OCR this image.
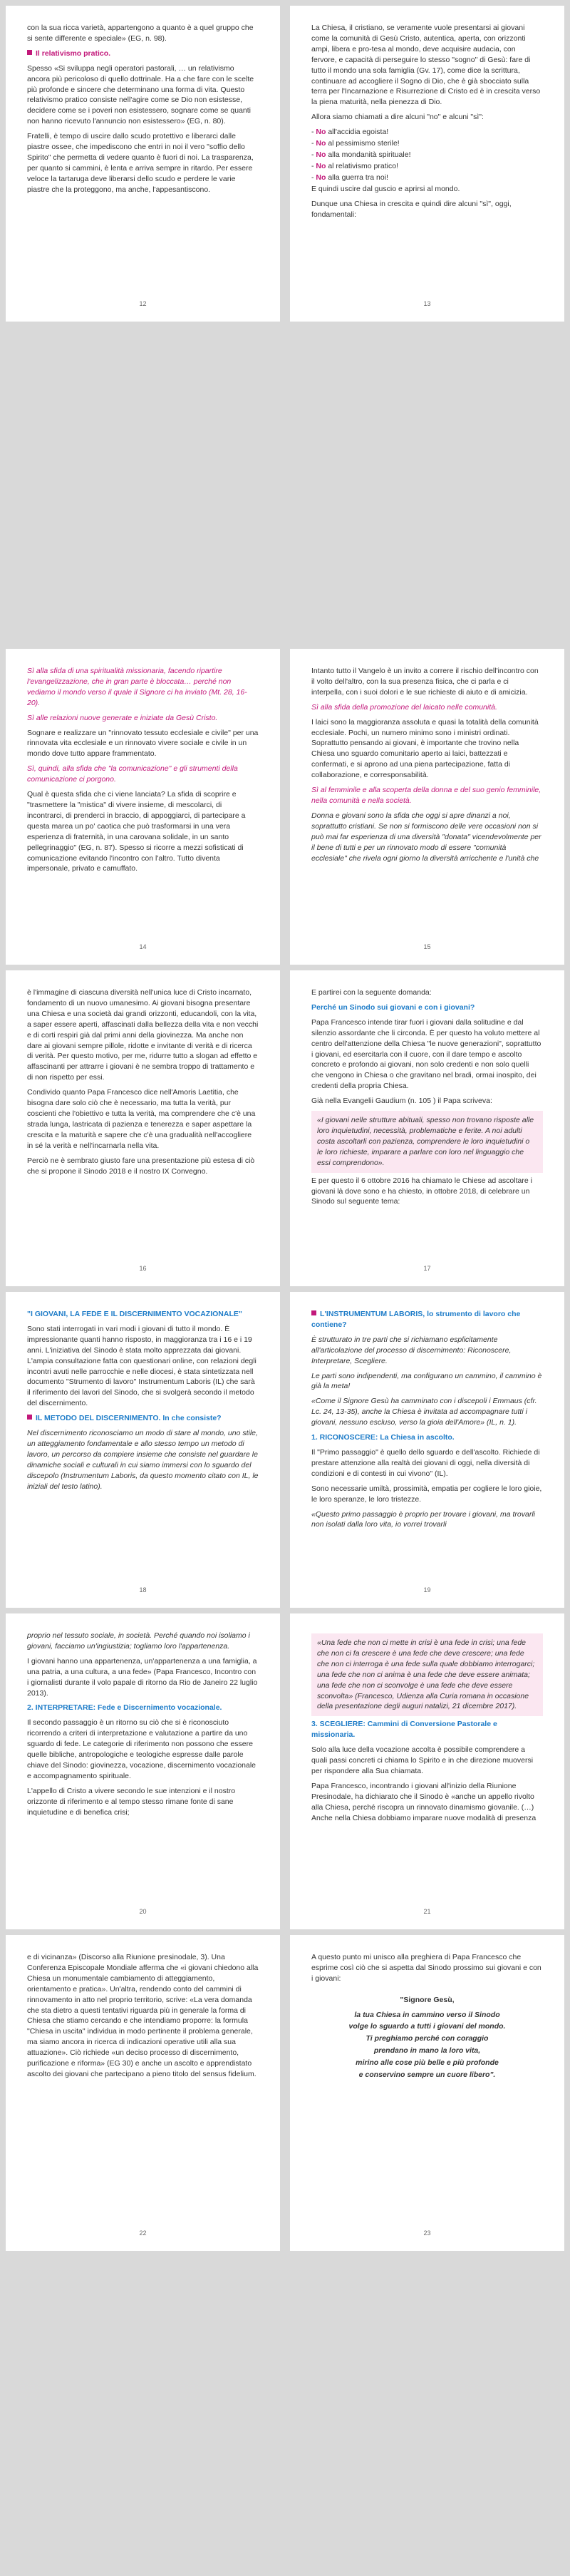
con la sua ricca varietà, appartengono a quanto è a quel gruppo che si sente differente e speciale» (EG, n. 98).

Il relativismo pratico.

Spesso «Si sviluppa negli operatori pastorali, … un relativismo ancora più pericoloso di quello dottrinale. Ha a che fare con le scelte più profonde e sincere che determinano una forma di vita. Questo relativismo pratico consiste nell'agire come se Dio non esistesse, decidere come se i poveri non esistessero, sognare come se quanti non hanno ricevuto l'annuncio non esistessero» (EG, n. 80).

Fratelli, è tempo di uscire dallo scudo protettivo e liberarci dalle piastre ossee, che impediscono che entri in noi il vero "soffio dello Spirito" che permetta di vedere quanto è fuori di noi. La trasparenza, per quanto si cammini, è lenta e arriva sempre in ritardo. Per essere veloce la tartaruga deve liberarsi dello scudo e perdere le varie piastre che la proteggono, ma anche, l'appesantiscono.

12

La Chiesa, il cristiano, se veramente vuole presentarsi ai giovani come la comunità di Gesù Cristo, autentica, aperta, con orizzonti ampi, libera e pro-tesa al mondo, deve acquisire audacia, con fervore, e capacità di perseguire lo stesso "sogno" di Gesù: fare di tutto il mondo una sola famiglia (Gv. 17), come dice la scrittura, continuare ad accogliere il Sogno di Dio, che è già sbocciato sulla terra per l'Incarnazione e Risurrezione di Cristo ed è in crescita verso la piena maturità, nella pienezza di Dio.

Allora siamo chiamati a dire alcuni "no" e alcuni "sì":

- No all'accidia egoista!
- No al pessimismo sterile!
- No alla mondanità spirituale!
- No al relativismo pratico!
- No alla guerra tra noi!

E quindi uscire dal guscio e aprirsi al mondo.

Dunque una Chiesa in crescita e quindi dire alcuni "sì", oggi, fondamentali:

13

Sì alla sfida di una spiritualità missionaria, facendo ripartire l'evangelizzazione, che in gran parte è bloccata… perché non vediamo il mondo verso il quale il Signore ci ha inviato (Mt. 28, 16-20).

Sì alle relazioni nuove generate e iniziate da Gesù Cristo.

Sognare e realizzare un "rinnovato tessuto ecclesiale e civile" per una rinnovata vita ecclesiale e un rinnovato vivere sociale e civile in un mondo dove tutto appare frammentato.

Sì, quindi, alla sfida che "la comunicazione" e gli strumenti della comunicazione ci porgono.

Qual è questa sfida che ci viene lanciata? La sfida di scoprire e "trasmettere la "mistica" di vivere insieme, di mescolarci, di incontrarci, di prenderci in braccio, di appoggiarci, di partecipare a questa marea un po' caotica che può trasformarsi in una vera esperienza di fraternità, in una carovana solidale, in un santo pellegrinaggio" (EG, n. 87). Spesso si ricorre a mezzi sofisticati di comunicazione evitando l'incontro con l'altro. Tutto diventa impersonale, privato e camuffato.

14

Intanto tutto il Vangelo è un invito a correre il rischio dell'incontro con il volto dell'altro, con la sua presenza fisica, che ci parla e ci interpella, con i suoi dolori e le sue richieste di aiuto e di amicizia.

Sì alla sfida della promozione del laicato nelle comunità.

I laici sono la maggioranza assoluta e quasi la totalità della comunità ecclesiale. Pochi, un numero minimo sono i ministri ordinati. Soprattutto pensando ai giovani, è importante che trovino nella Chiesa uno sguardo comunitario aperto ai laici, battezzati e confermati, e si aprono ad una piena partecipazione, fatta di collaborazione, e corresponsabilità.

Sì al femminile e alla scoperta della donna e del suo genio femminile, nella comunità e nella società.

Donna e giovani sono la sfida che oggi si apre dinanzi a noi, soprattutto cristiani. Se non si formiscono delle vere occasioni non si può mai far esperienza di una diversità "donata" vicendevolmente per il bene di tutti e per un rinnovato modo di essere "comunità ecclesiale" che rivela ogni giorno la diversità arricchente e l'unità che

15

è l'immagine di ciascuna diversità nell'unica luce di Cristo incarnato, fondamento di un nuovo umanesimo. Ai giovani bisogna presentare una Chiesa e una società dai grandi orizzonti, educandoli, con la vita, a saper essere aperti, affascinati dalla bellezza della vita e non vecchi e di corti respiri già dal primi anni della giovinezza. Ma anche non dare ai giovani sempre pillole, ridotte e invitante di verità e di ricerca di verità. Per questo motivo, per me, ridurre tutto a slogan ad effetto e affascinanti per attrarre i giovani è ne sembra troppo di trattamento e di non rispetto per essi.

Condivido quanto Papa Francesco dice nell'Amoris Laetitia, che bisogna dare solo ciò che è necessario, ma tutta la verità, pur coscienti che l'obiettivo e tutta la verità, ma comprendere che c'è una strada lunga, lastricata di pazienza e tenerezza e saper aspettare la crescita e la maturità e sapere che c'è una gradualità nell'accogliere in sé la verità e nell'incarnarla nella vita.

Perciò ne è sembrato giusto fare una presentazione più estesa di ciò che si propone il Sinodo 2018 e il nostro IX Convegno.

16

E partirei con la seguente domanda:

Perché un Sinodo sui giovani e con i giovani?

Papa Francesco intende tirar fuori i giovani dalla solitudine e dal silenzio assordante che li circonda. È per questo ha voluto mettere al centro dell'attenzione della Chiesa "le nuove generazioni", soprattutto i giovani, ed esercitarla con il cuore, con il dare tempo e ascolto concreto e profondo ai giovani, non solo credenti e non solo quelli che vengono in Chiesa o che gravitano nel bradi, ormai inospito, dei credenti della propria Chiesa.

Già nella Evangelii Gaudium (n. 105 ) il Papa scriveva:

«I giovani nelle strutture abituali, spesso non trovano risposte alle loro inquietudini, necessità, problematiche e ferite. A noi adulti costa ascoltarli con pazienza, comprendere le loro inquietudini o le loro richieste, imparare a parlare con loro nel linguaggio che essi comprendono».

E per questo il 6 ottobre 2016 ha chiamato le Chiese ad ascoltare i giovani là dove sono e ha chiesto, in ottobre 2018, di celebrare un Sinodo sul seguente tema:

17

"I GIOVANI, LA FEDE E IL DISCERNIMENTO VOCAZIONALE"

Sono stati interrogati in vari modi i giovani di tutto il mondo. È impressionante quanti hanno risposto, in maggioranza tra i 16 e i 19 anni. L'iniziativa del Sinodo è stata molto apprezzata dai giovani. L'ampia consultazione fatta con questionari online, con relazioni degli incontri avuti nelle parrocchie e nelle diocesi, è stata sintetizzata nell documento "Strumento di lavoro" Instrumentum Laboris (IL) che sarà il riferimento dei lavori del Sinodo, che si svolgerà secondo il metodo del discernimento.

IL METODO DEL DISCERNIMENTO. In che consiste?

Nel discernimento riconosciamo un modo di stare al mondo, uno stile, un atteggiamento fondamentale e allo stesso tempo un metodo di lavoro, un percorso da compiere insieme che consiste nel guardare le dinamiche sociali e culturali in cui siamo immersi con lo sguardo del discepolo (Instrumentum Laboris, da questo momento citato con IL, le iniziali del testo latino).

18

L'INSTRUMENTUM LABORIS, lo strumento di lavoro che contiene?

È strutturato in tre parti che si richiamano esplicitamente all'articolazione del processo di discernimento: Riconoscere, Interpretare, Scegliere.

Le parti sono indipendenti, ma configurano un cammino, il cammino è già la meta!

«Come il Signore Gesù ha camminato con i discepoli i Emmaus (cfr. Lc. 24, 13-35), anche la Chiesa è invitata ad accompagnare tutti i giovani, nessuno escluso, verso la gioia dell'Amore» (IL, n. 1).

1. RICONOSCERE: La Chiesa in ascolto.

Il "Primo passaggio" è quello dello sguardo e dell'ascolto. Richiede di prestare attenzione alla realtà dei giovani di oggi, nella diversità di condizioni e di contesti in cui vivono" (IL).

Sono necessarie umiltà, prossimità, empatia per cogliere le loro gioie, le loro speranze, le loro tristezze.

«Questo primo passaggio è proprio per trovare i giovani, ma trovarli non isolati dalla loro vita, io vorrei trovarli

19

proprio nel tessuto sociale, in società. Perché quando noi isoliamo i giovani, facciamo un'ingiustizia; togliamo loro l'appartenenza.

I giovani hanno una appartenenza, un'appartenenza a una famiglia, a una patria, a una cultura, a una fede» (Papa Francesco, Incontro con i giornalisti durante il volo papale di ritorno da Rio de Janeiro 22 luglio 2013).

2. INTERPRETARE: Fede e Discernimento vocazionale.

Il secondo passaggio è un ritorno su ciò che si è riconosciuto ricorrendo a criteri di interpretazione e valutazione a partire da uno sguardo di fede. Le categorie di riferimento non possono che essere quelle bibliche, antropologiche e teologiche espresse dalle parole chiave del Sinodo: giovinezza, vocazione, discernimento vocazionale e accompagnamento spirituale.

L'appello di Cristo a vivere secondo le sue intenzioni e il nostro orizzonte di riferimento e al tempo stesso rimane fonte di sane inquietudine e di benefica crisi;

20
«Una fede che non ci mette in crisi è una fede in crisi; una fede che non ci fa crescere è una fede che deve crescere; una fede che non ci interroga è una fede sulla quale dobbiamo interrogarci; una fede che non ci anima è una fede che deve essere animata; una fede che non ci sconvolge è una fede che deve essere sconvolta» (Francesco, Udienza alla Curia romana in occasione della presentazione degli auguri natalizi, 21 dicembre 2017).

3. SCEGLIERE: Cammini di Conversione Pastorale e missionaria.

Solo alla luce della vocazione accolta è possibile comprendere a quali passi concreti ci chiama lo Spirito e in che direzione muoversi per rispondere alla Sua chiamata.

Papa Francesco, incontrando i giovani all'inizio della Riunione Presinodale, ha dichiarato che il Sinodo è «anche un appello rivolto alla Chiesa, perché riscopra un rinnovato dinamismo giovanile. (…) Anche nella Chiesa dobbiamo imparare nuove modalità di presenza

21

e di vicinanza» (Discorso alla Riunione presinodale, 3). Una Conferenza Episcopale Mondiale afferma che «i giovani chiedono alla Chiesa un monumentale cambiamento di atteggiamento, orientamento e pratica». Un'altra, rendendo conto del cammini di rinnovamento in atto nel proprio territorio, scrive: «La vera domanda che sta dietro a questi tentativi riguarda più in generale la forma di Chiesa che stiamo cercando e che intendiamo proporre: la formula "Chiesa in uscita" individua in modo pertinente il problema generale, ma siamo ancora in ricerca di indicazioni operative utili alla sua attuazione». Ciò richiede «un deciso processo di discernimento, purificazione e riforma» (EG 30) e anche un ascolto e apprendistato ascolto dei giovani che partecipano a pieno titolo del sensus fidelium.

22

A questo punto mi unisco alla preghiera di Papa Francesco che esprime così ciò che si aspetta dal Sinodo prossimo sui giovani e con i giovani:

"Signore Gesù,
la tua Chiesa in cammino verso il Sinodo
volge lo sguardo a tutti i giovani del mondo.
Ti preghiamo perché con coraggio
prendano in mano la loro vita,
mirino alle cose più belle e più profonde
e conservino sempre un cuore libero".
23
